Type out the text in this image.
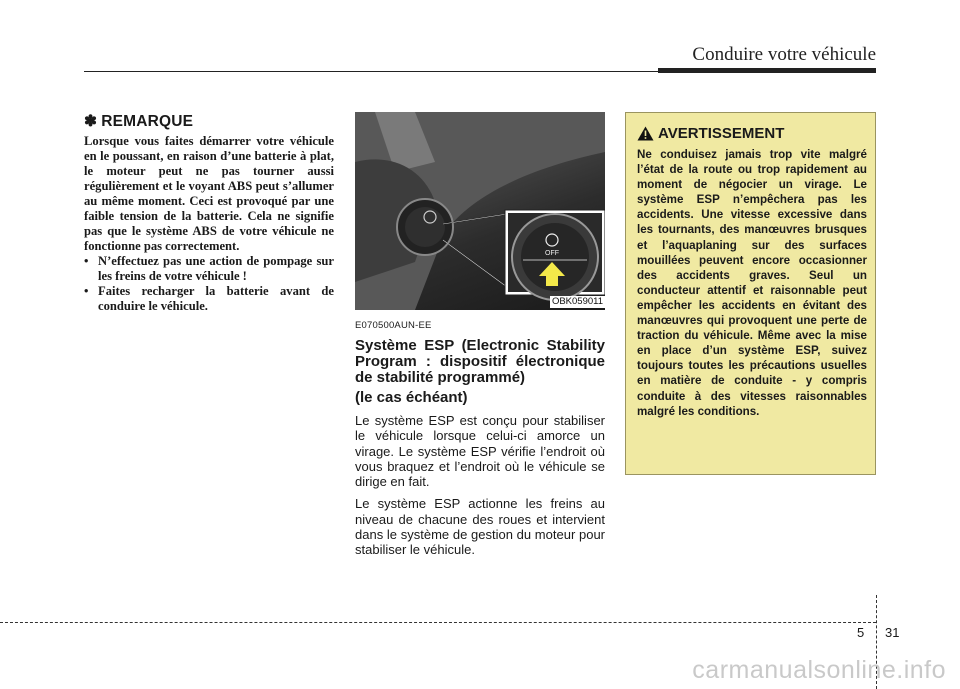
Conduire votre véhicule
✽ REMARQUE

Lorsque vous faites démarrer votre véhicule en le poussant, en raison d’une batterie à plat, le moteur peut ne pas tourner aussi régulièrement et le voyant ABS peut s’allumer au même moment. Ceci est provoqué par une faible tension de la batterie. Cela ne signifie pas que le système ABS de votre véhicule ne fonctionne pas correctement.

• N’effectuez pas une action de pompage sur les freins de votre véhicule !
• Faites recharger la batterie avant de conduire le véhicule.
OFF
OBK059011
E070500AUN-EE
Système ESP (Electronic Stability Program : dispositif électronique de stabilité programmé)
(le cas échéant)

Le système ESP est conçu pour stabiliser le véhicule lorsque celui-ci amorce un virage. Le système ESP vérifie l’endroit où vous braquez et l’endroit où le véhicule se dirige en fait.

Le système ESP actionne les freins au niveau de chacune des roues et intervient dans le système de gestion du moteur pour stabiliser le véhicule.

AVERTISSEMENT

Ne conduisez jamais trop vite malgré l’état de la route ou trop rapidement au moment de négocier un virage. Le système ESP n’empêchera pas les accidents. Une vitesse excessive dans les tournants, des manœuvres brusques et l’aquaplaning sur des surfaces mouillées peuvent encore occasionner des accidents graves. Seul un conducteur attentif et raisonnable peut empêcher les accidents en évitant des manœuvres qui provoquent une perte de traction du véhicule. Même avec la mise en place d’un système ESP, suivez toujours toutes les précautions usuelles en matière de conduite - y compris conduite à des vitesses raisonnables malgré les conditions.

5 31
carmanualsonline.info
